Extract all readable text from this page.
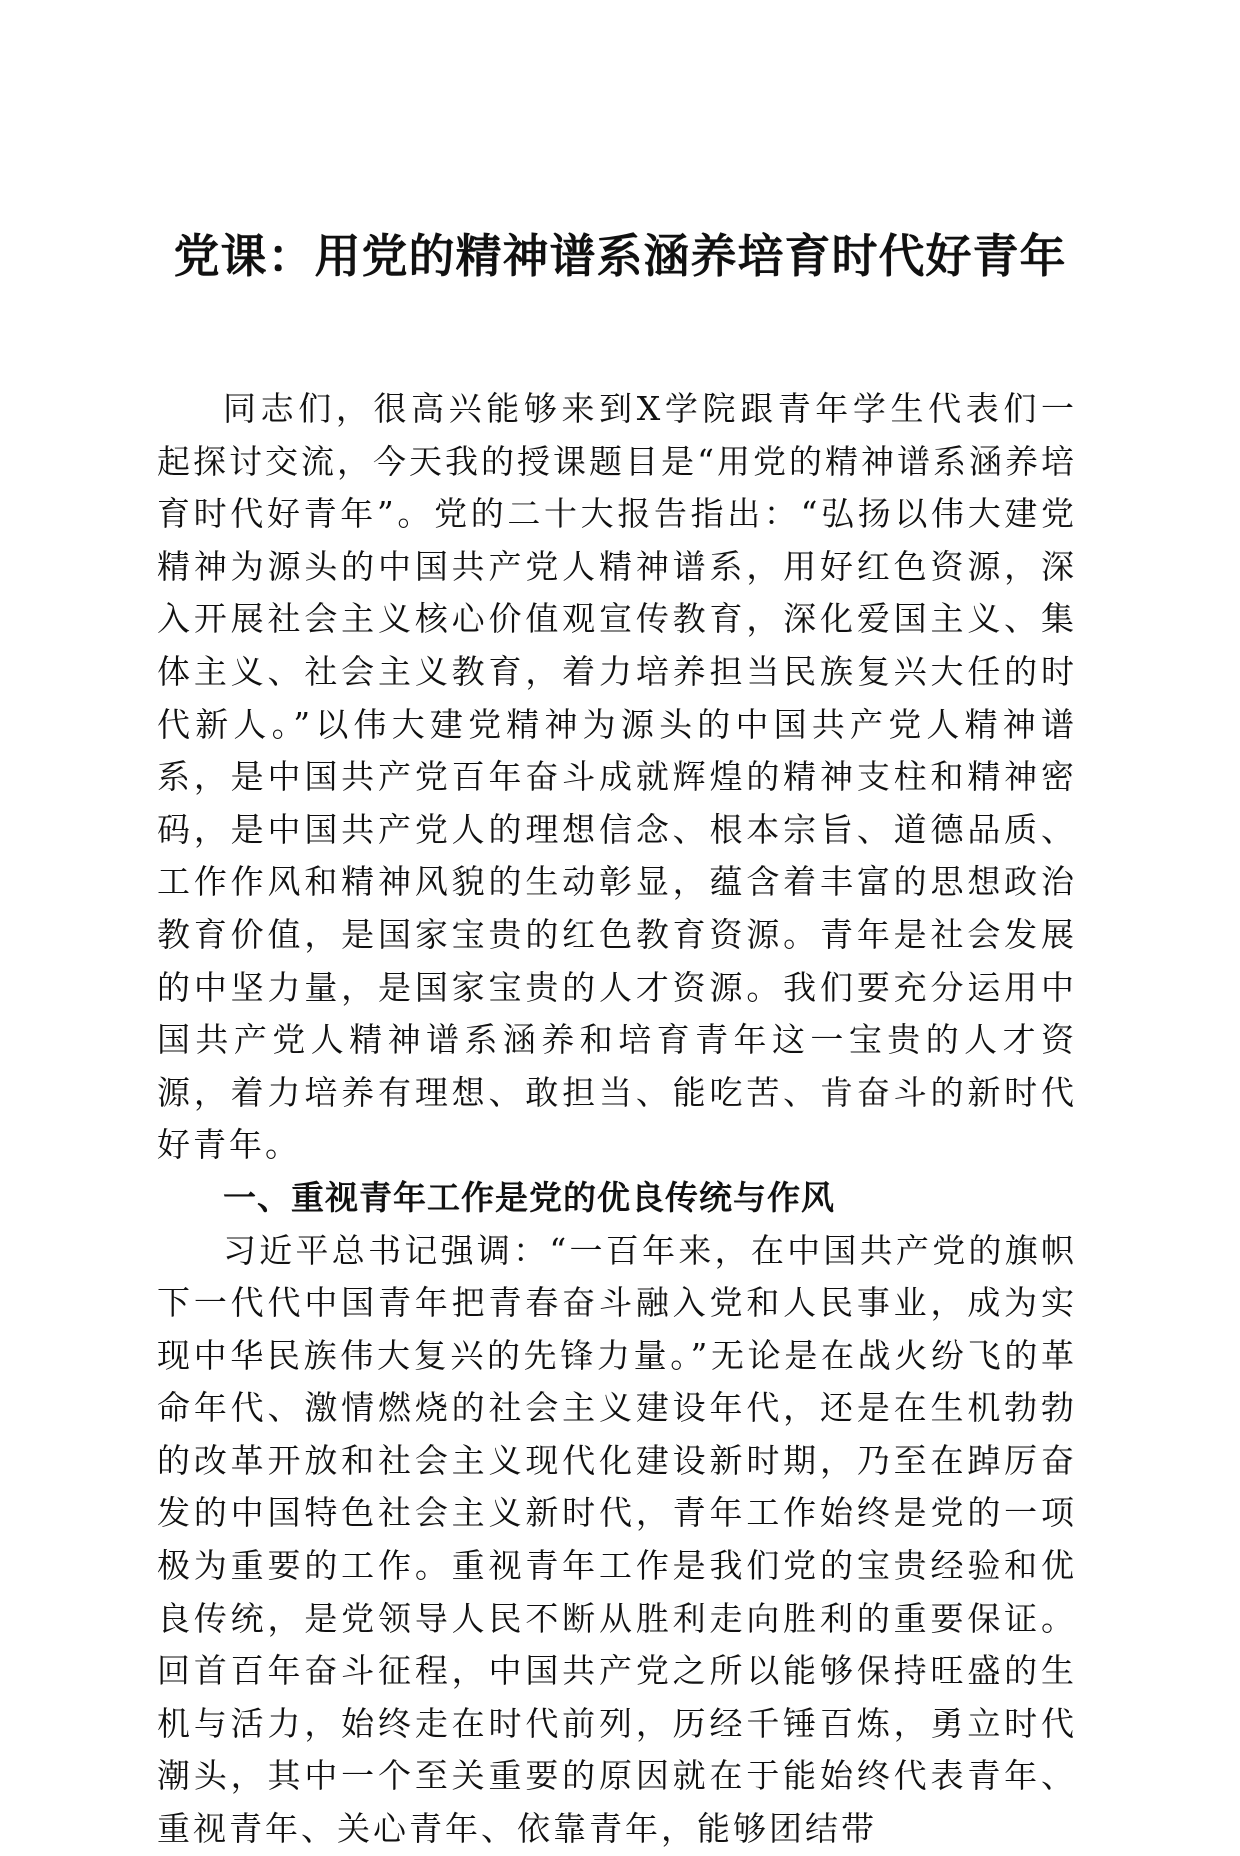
党课：用党的精神谱系涵养培育时代好青年

同志们，很高兴能够来到X学院跟青年学生代表们一起探讨交流，今天我的授课题目是“用党的精神谱系涵养培育时代好青年”。党的二十大报告指出：“弘扬以伟大建党精神为源头的中国共产党人精神谱系，用好红色资源，深入开展社会主义核心价值观宣传教育，深化爱国主义、集体主义、社会主义教育，着力培养担当民族复兴大任的时代新人。”以伟大建党精神为源头的中国共产党人精神谱系，是中国共产党百年奋斗成就辉煌的精神支柱和精神密码，是中国共产党人的理想信念、根本宗旨、道德品质、工作作风和精神风貌的生动彰显，蕴含着丰富的思想政治教育价值，是国家宝贵的红色教育资源。青年是社会发展的中坚力量，是国家宝贵的人才资源。我们要充分运用中国共产党人精神谱系涵养和培育青年这一宝贵的人才资源，着力培养有理想、敢担当、能吃苦、肯奋斗的新时代好青年。

一、重视青年工作是党的优良传统与作风

习近平总书记强调：“一百年来，在中国共产党的旗帜下一代代中国青年把青春奋斗融入党和人民事业，成为实现中华民族伟大复兴的先锋力量。”无论是在战火纷飞的革命年代、激情燃烧的社会主义建设年代，还是在生机勃勃的改革开放和社会主义现代化建设新时期，乃至在踔厉奋发的中国特色社会主义新时代，青年工作始终是党的一项极为重要的工作。重视青年工作是我们党的宝贵经验和优良传统，是党领导人民不断从胜利走向胜利的重要保证。回首百年奋斗征程，中国共产党之所以能够保持旺盛的生机与活力，始终走在时代前列，历经千锤百炼，勇立时代潮头，其中一个至关重要的原因就在于能始终代表青年、重视青年、关心青年、依靠青年，能够团结带
